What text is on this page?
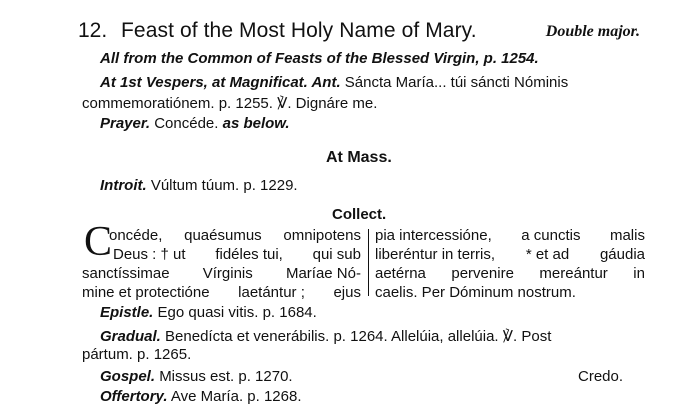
12. Feast of the Most Holy Name of Mary.	Double major.
All from the Common of Feasts of the Blessed Virgin, p. 1254.
At 1st Vespers, at Magnificat. Ant. Sáncta María... túi sáncti Nóminis
commemoratiónem. p. 1255. ℣. Dignáre me.
Prayer. Concéde. as below.
At Mass.
Introit. Vúltum túum. p. 1229.
Collect.
C
oncéde, quaésumus omnipotens
Deus : † ut fidéles tui, qui sub
sanctíssimae Vírginis Maríae Nó-
mine et protectióne laetántur ; ejus
pia intercessióne, a cunctis malis
liberéntur in terris, * et ad gáudia
aetérna pervenire mereántur in
caelis. Per Dóminum nostrum.
Epistle. Ego quasi vitis. p. 1684.
Gradual. Benedícta et venerábilis. p. 1264. Allelúia, allelúia. ℣. Post
pártum. p. 1265.
Gospel. Missus est. p. 1270.	Credo.
Offertory. Ave María. p. 1268.
